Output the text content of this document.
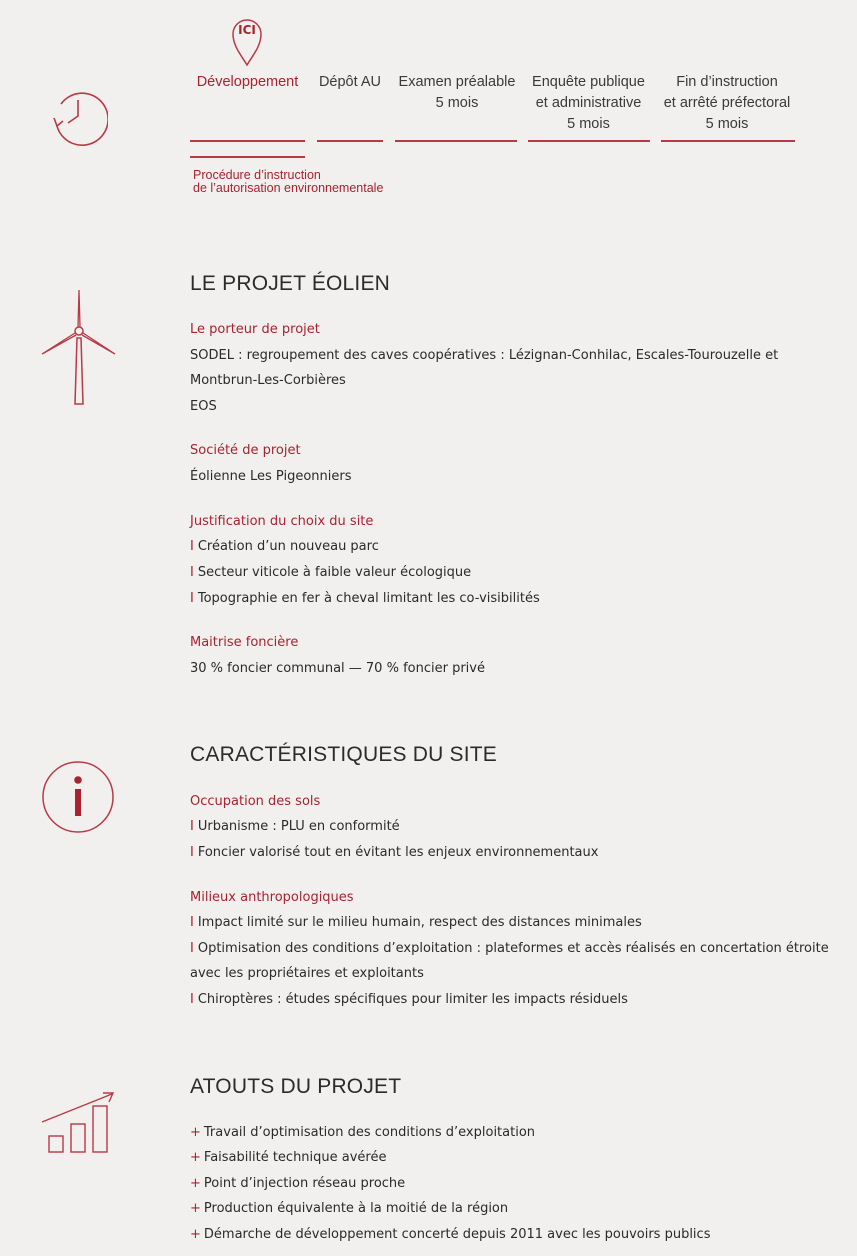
ICI
Développement	Dépôt AU Examen préalable
5 mois
Enquête publique
et administrative
5 mois
Fin d’instruction
et arrêté préfectoral
5 mois
Procédure d’instruction
de l’autorisation environnementale
LE PROJET ÉOLIEN
Le porteur de projet
SODEL : regroupement des caves coopératives : Lézignan-Conhilac, Escales-Tourouzelle et
Montbrun-Les-Corbières
EOS
Société de projet
Éolienne Les Pigeonniers
Justification du choix du site
I Création d’un nouveau parc
I Secteur viticole à faible valeur écologique
I Topographie en fer à cheval limitant les co-visibilités
Maitrise foncière
30 % foncier communal — 70 % foncier privé
CARACTÉRISTIQUES DU SITE
Occupation des sols
I Urbanisme : PLU en conformité
I Foncier valorisé tout en évitant les enjeux environnementaux
Milieux anthropologiques
I Impact limité sur le milieu humain, respect des distances minimales
I Optimisation des conditions d’exploitation : plateformes et accès réalisés en concertation étroite
avec les propriétaires et exploitants
I Chiroptères : études spécifiques pour limiter les impacts résiduels
ATOUTS DU PROJET
+ Travail d’optimisation des conditions d’exploitation
+ Faisabilité technique avérée
+ Point d’injection réseau proche
+ Production équivalente à la moitié de la région
+ Démarche de développement concerté depuis 2011 avec les pouvoirs publics
